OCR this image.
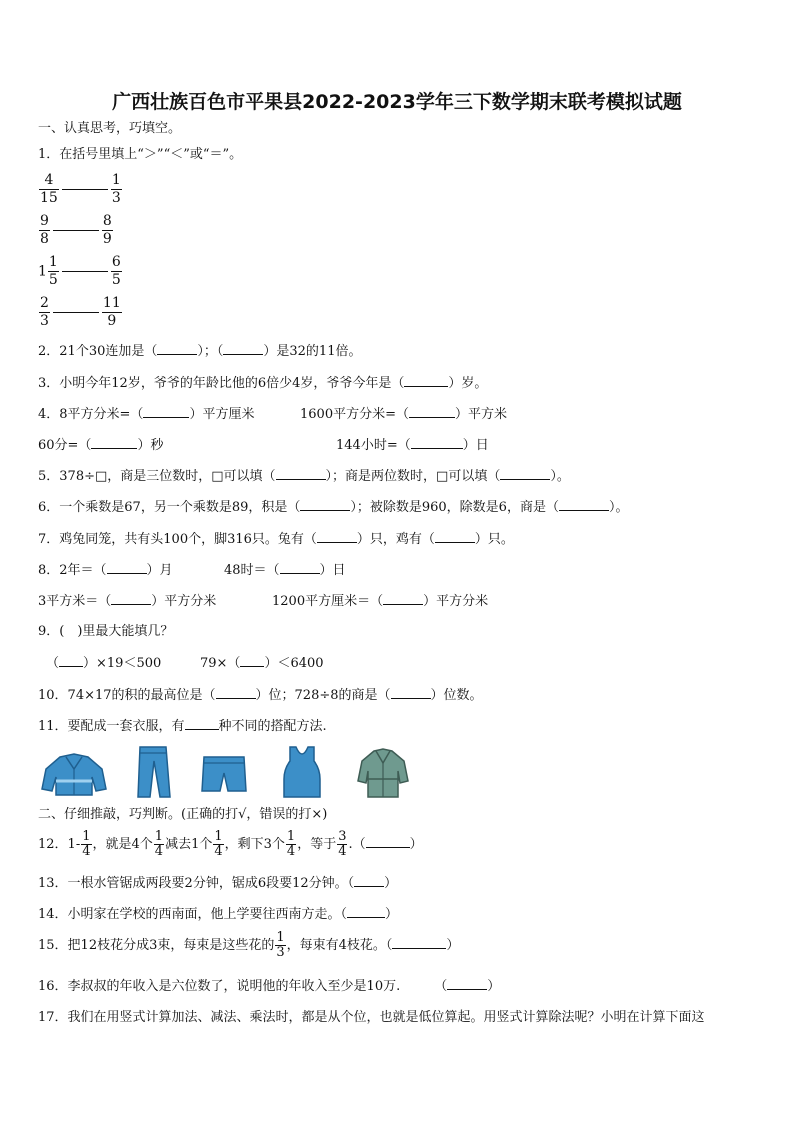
广西壮族百色市平果县2022-2023学年三下数学期末联考模拟试题
一、认真思考，巧填空。
1．在括号里填上“＞”“＜”或“＝”。
$\frac{4}{15}$	$\frac{1}{3}$
$\frac{9}{8}$	$\frac{8}{9}$
$1 \frac{1}{5}$	$\frac{6}{5}$
$\frac{2}{3}$	$\frac{11}{9}$
2．21个30连加是（	）；（	）是32的11倍。
3．小明今年12岁，爷爷的年龄比他的6倍少4岁，爷爷今年是（	）岁。
4．8平方分米=（	）平方厘米	1600平方分米=（	）平方米
60分=（	）秒	144小时=（	）日
5．378÷□，商是三位数时，□可以填（	）；商是两位数时，□可以填（	）。
6．一个乘数是67，另一个乘数是89，积是（	）；被除数是960，除数是6，商是（	）。
7．鸡兔同笼，共有头100个，脚316只。兔有（	）只，鸡有（	）只。
8．2年＝（	）月	48时＝（	）日
3平方米＝（	）平方分米	1200平方厘米＝（	）平方分米
9．(　)里最大能填几？
（ ）×19＜500	79×（ ）＜6400
10．74×17的积的最高位是（	）位；728÷8的商是（	）位数。
11．要配成一套衣服，有	种不同的搭配方法.
二、仔细推敲，巧判断。(正确的打√，错误的打×)
12．$1- \frac{1}{4}$ ，就是4个 $\frac{1}{4}$ 减去1个 $\frac{1}{4}$ ，剩下3个 $\frac{1}{4}$ ，等于 $\frac{3}{4}$ .（	）
13．一根水管锯成两段要2分钟，锯成6段要12分钟。（ ）
14．小明家在学校的西南面，他上学要往西南方走。（	）
15．把12枝花分成3束，每束是这些花的 $\frac{1}{3}$ ，每束有4枝花。（	）
16．李叔叔的年收入是六位数了，说明他的年收入至少是10万.	（	）
17．我们在用竖式计算加法、减法、乘法时，都是从个位，也就是低位算起。用竖式计算除法呢？小明在计算下面这
